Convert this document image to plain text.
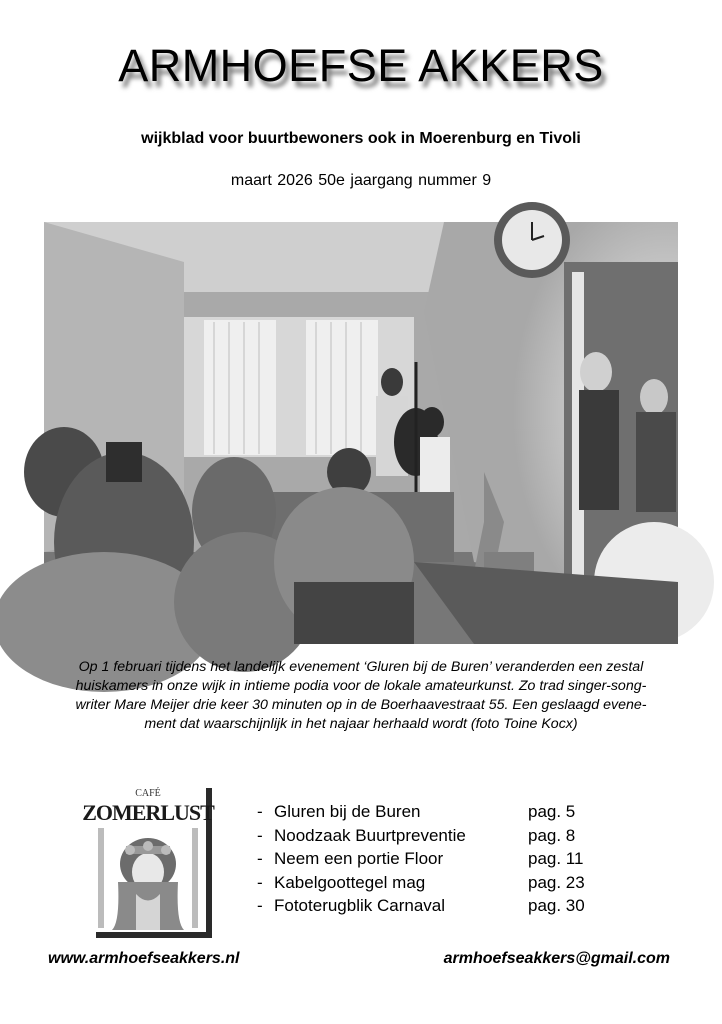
ARMHOEFSE AKKERS
wijkblad voor buurtbewoners ook in Moerenburg en Tivoli
maart 2026 50e jaargang nummer 9
Op 1 februari tijdens het landelijk evenement ‘Gluren bij de Buren’ veranderden een zestal
huiskamers in onze wijk in intieme podia voor de lokale amateurkunst. Zo trad singer-song-
writer Mare Meijer drie keer 30 minuten op in de Boerhaavestraat 55. Een geslaagd evene-
ment dat waarschijnlijk in het najaar herhaald wordt (foto Toine Kocx)
CAFÉ
ZOMERLUST	- Gluren bij de Buren	pag. 5
- Noodzaak Buurtpreventie	pag. 8
- Neem een portie Floor	pag. 11
- Kabelgoottegel mag	pag. 23
- Fototerugblik Carnaval	pag. 30
www.armhoefseakkers.nl	armhoefseakkers@gmail.com
